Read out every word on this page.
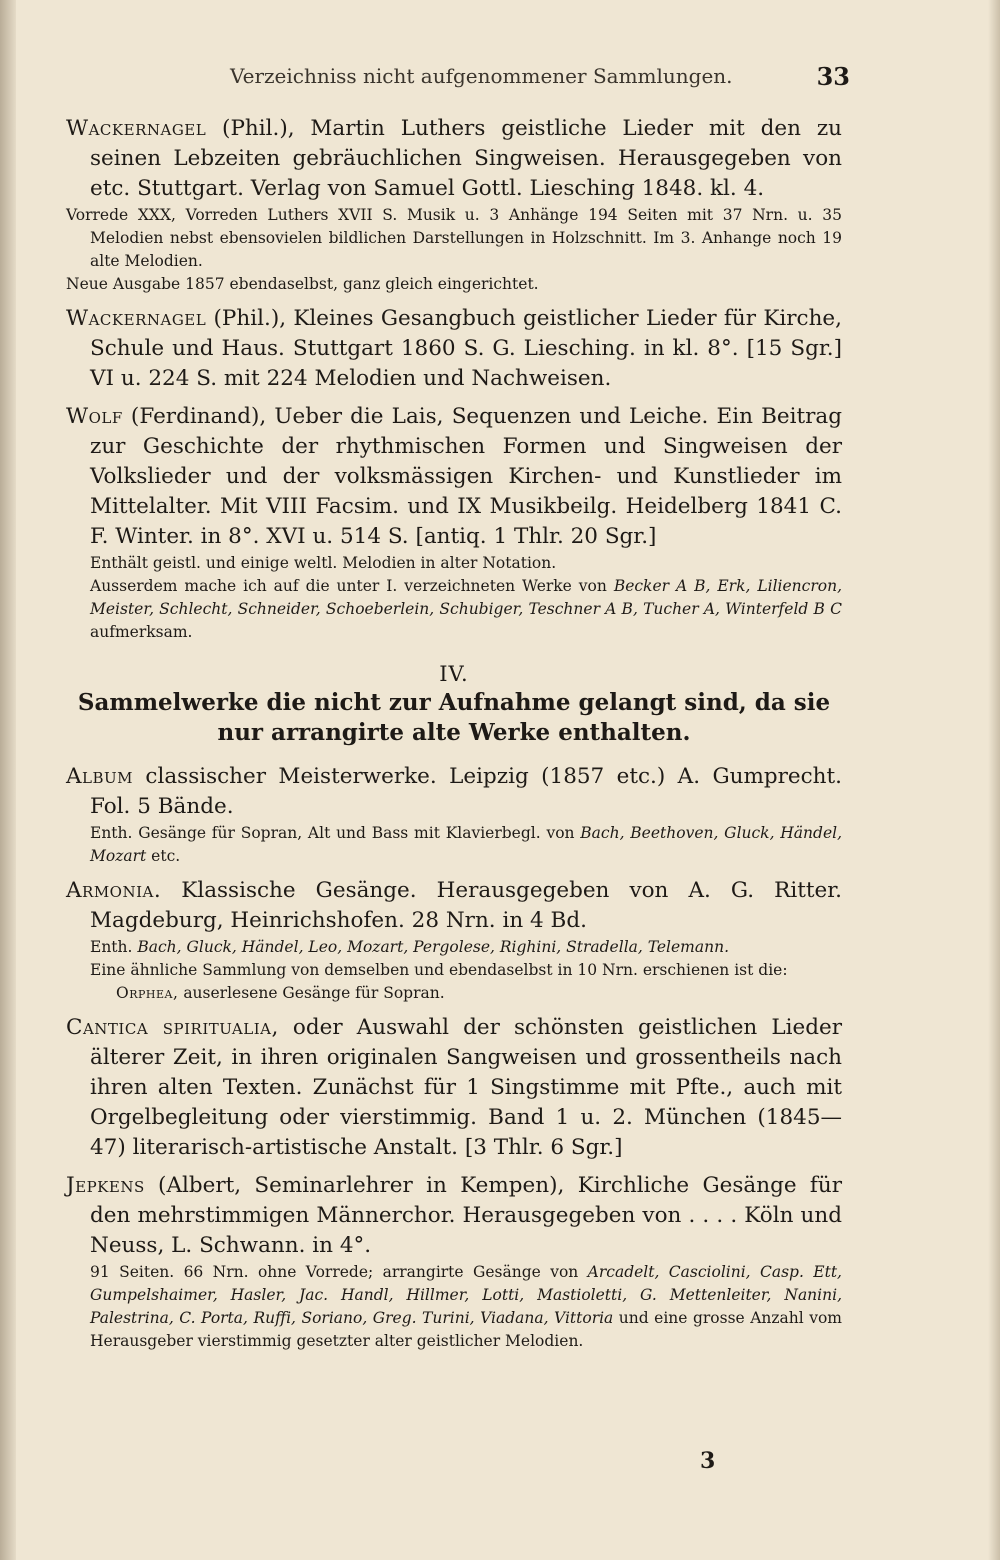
Verzeichniss nicht aufgenommener Sammlungen.	33

Wackernagel (Phil.), Martin Luthers geistliche Lieder mit den zu seinen Lebzeiten gebräuchlichen Singweisen. Herausgegeben von etc. Stuttgart. Verlag von Samuel Gottl. Liesching 1848. kl. 4.

Vorrede XXX, Vorreden Luthers XVII S. Musik u. 3 Anhänge 194 Seiten mit 37 Nrn. u. 35 Melodien nebst ebensovielen bildlichen Darstellungen in Holzschnitt. Im 3. Anhange noch 19 alte Melodien.

Neue Ausgabe 1857 ebendaselbst, ganz gleich eingerichtet.

Wackernagel (Phil.), Kleines Gesangbuch geistlicher Lieder für Kirche, Schule und Haus. Stuttgart 1860 S. G. Liesching. in kl. 8°. [15 Sgr.] VI u. 224 S. mit 224 Melodien und Nachweisen.

Wolf (Ferdinand), Ueber die Lais, Sequenzen und Leiche. Ein Beitrag zur Geschichte der rhythmischen Formen und Singweisen der Volkslieder und der volksmässigen Kirchen- und Kunstlieder im Mittelalter. Mit VIII Facsim. und IX Musikbeilg. Heidelberg 1841 C. F. Winter. in 8°. XVI u. 514 S. [antiq. 1 Thlr. 20 Sgr.]

Enthält geistl. und einige weltl. Melodien in alter Notation.

Ausserdem mache ich auf die unter I. verzeichneten Werke von Becker A B, Erk, Liliencron, Meister, Schlecht, Schneider, Schoeberlein, Schubiger, Teschner A B, Tucher A, Winterfeld B C aufmerksam.

IV.
Sammelwerke die nicht zur Aufnahme gelangt sind, da sie nur arrangirte alte Werke enthalten.

Album classischer Meisterwerke. Leipzig (1857 etc.) A. Gumprecht. Fol. 5 Bände.

Enth. Gesänge für Sopran, Alt und Bass mit Klavierbegl. von Bach, Beethoven, Gluck, Händel, Mozart etc.

Armonia. Klassische Gesänge. Herausgegeben von A. G. Ritter. Magdeburg, Heinrichshofen. 28 Nrn. in 4 Bd.

Enth. Bach, Gluck, Händel, Leo, Mozart, Pergolese, Righini, Stradella, Telemann.

Eine ähnliche Sammlung von demselben und ebendaselbst in 10 Nrn. erschienen ist die:

Orphea, auserlesene Gesänge für Sopran.

Cantica spiritualia, oder Auswahl der schönsten geistlichen Lieder älterer Zeit, in ihren originalen Sangweisen und grossentheils nach ihren alten Texten. Zunächst für 1 Singstimme mit Pfte., auch mit Orgelbegleitung oder vierstimmig. Band 1 u. 2. München (1845—47) literarisch-artistische Anstalt. [3 Thlr. 6 Sgr.]

Jepkens (Albert, Seminarlehrer in Kempen), Kirchliche Gesänge für den mehrstimmigen Männerchor. Herausgegeben von . . . . Köln und Neuss, L. Schwann. in 4°.

91 Seiten. 66 Nrn. ohne Vorrede; arrangirte Gesänge von Arcadelt, Casciolini, Casp. Ett, Gumpelshaimer, Hasler, Jac. Handl, Hillmer, Lotti, Mastioletti, G. Mettenleiter, Nanini, Palestrina, C. Porta, Ruffi, Soriano, Greg. Turini, Viadana, Vittoria und eine grosse Anzahl vom Herausgeber vierstimmig gesetzter alter geistlicher Melodien.

3
